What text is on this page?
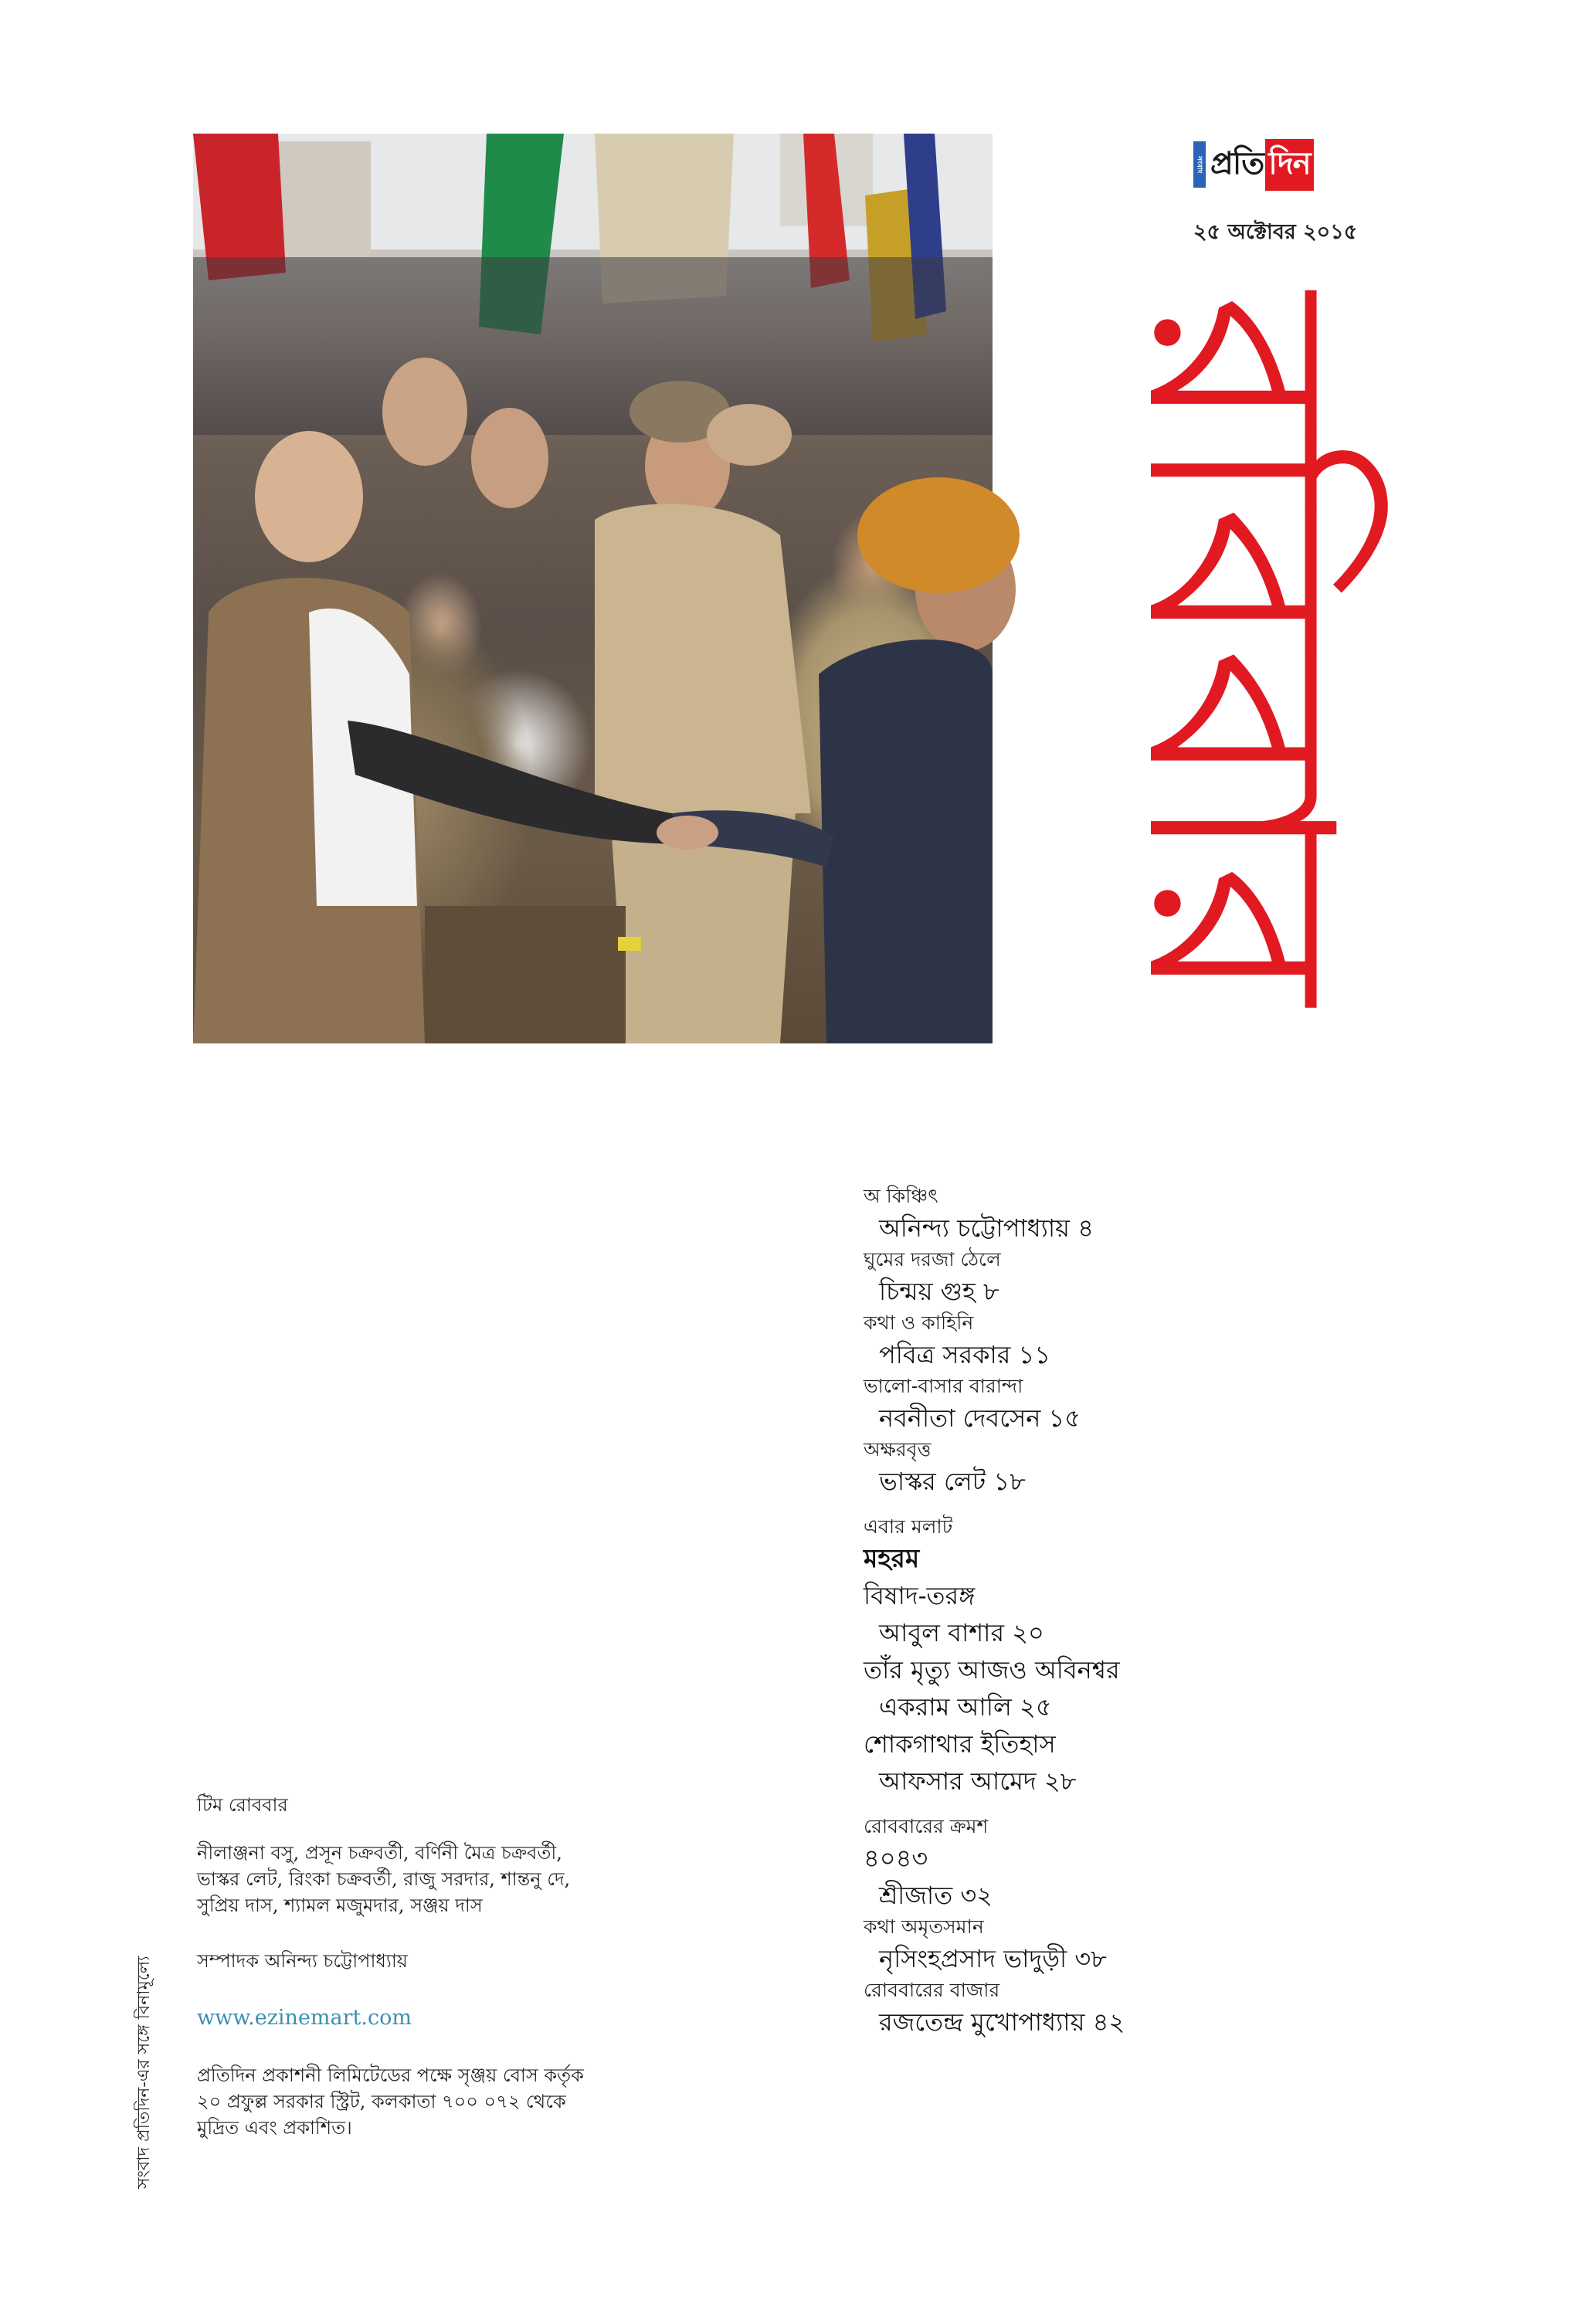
সংবাদ প্রতি দিন
২৫ অক্টোবর ২০১৫
রবিবার

অ কিঞ্চিৎ

অনিন্দ্য চট্টোপাধ্যায় ৪

ঘুমের দরজা ঠেলে

চিন্ময় গুহ ৮

কথা ও কাহিনি

পবিত্র সরকার ১১

ভালো-বাসার বারান্দা

নবনীতা দেবসেন ১৫

অক্ষরবৃত্ত

ভাস্কর লেট ১৮

এবার মলাট

মহরম

বিষাদ-তরঙ্গ

আবুল বাশার ২০

তাঁর মৃত্যু আজও অবিনশ্বর

একরাম আলি ২৫

শোকগাথার ইতিহাস

আফসার আমেদ ২৮

রোববারের ক্রমশ

৪০৪৩

শ্রীজাত ৩২

কথা অমৃতসমান

নৃসিংহপ্রসাদ ভাদুড়ী ৩৮

রোববারের বাজার

রজতেন্দ্র মুখোপাধ্যায় ৪২

টিম রোববার

নীলাঞ্জনা বসু, প্রসূন চক্রবর্তী, বর্ণিনী মৈত্র চক্রবর্তী,

ভাস্কর লেট, রিংকা চক্রবর্তী, রাজু সরদার, শান্তনু দে,

সুপ্রিয় দাস, শ্যামল মজুমদার, সঞ্জয় দাস

সম্পাদক অনিন্দ্য চট্টোপাধ্যায়

www.ezinemart.com

প্রতিদিন প্রকাশনী লিমিটেডের পক্ষে সৃঞ্জয় বোস কর্তৃক

২০ প্রফুল্ল সরকার স্ট্রিট, কলকাতা ৭০০ ০৭২ থেকে

মুদ্রিত এবং প্রকাশিত।

সংবাদ প্রতিদিন-এর সঙ্গে বিনামূল্যে
